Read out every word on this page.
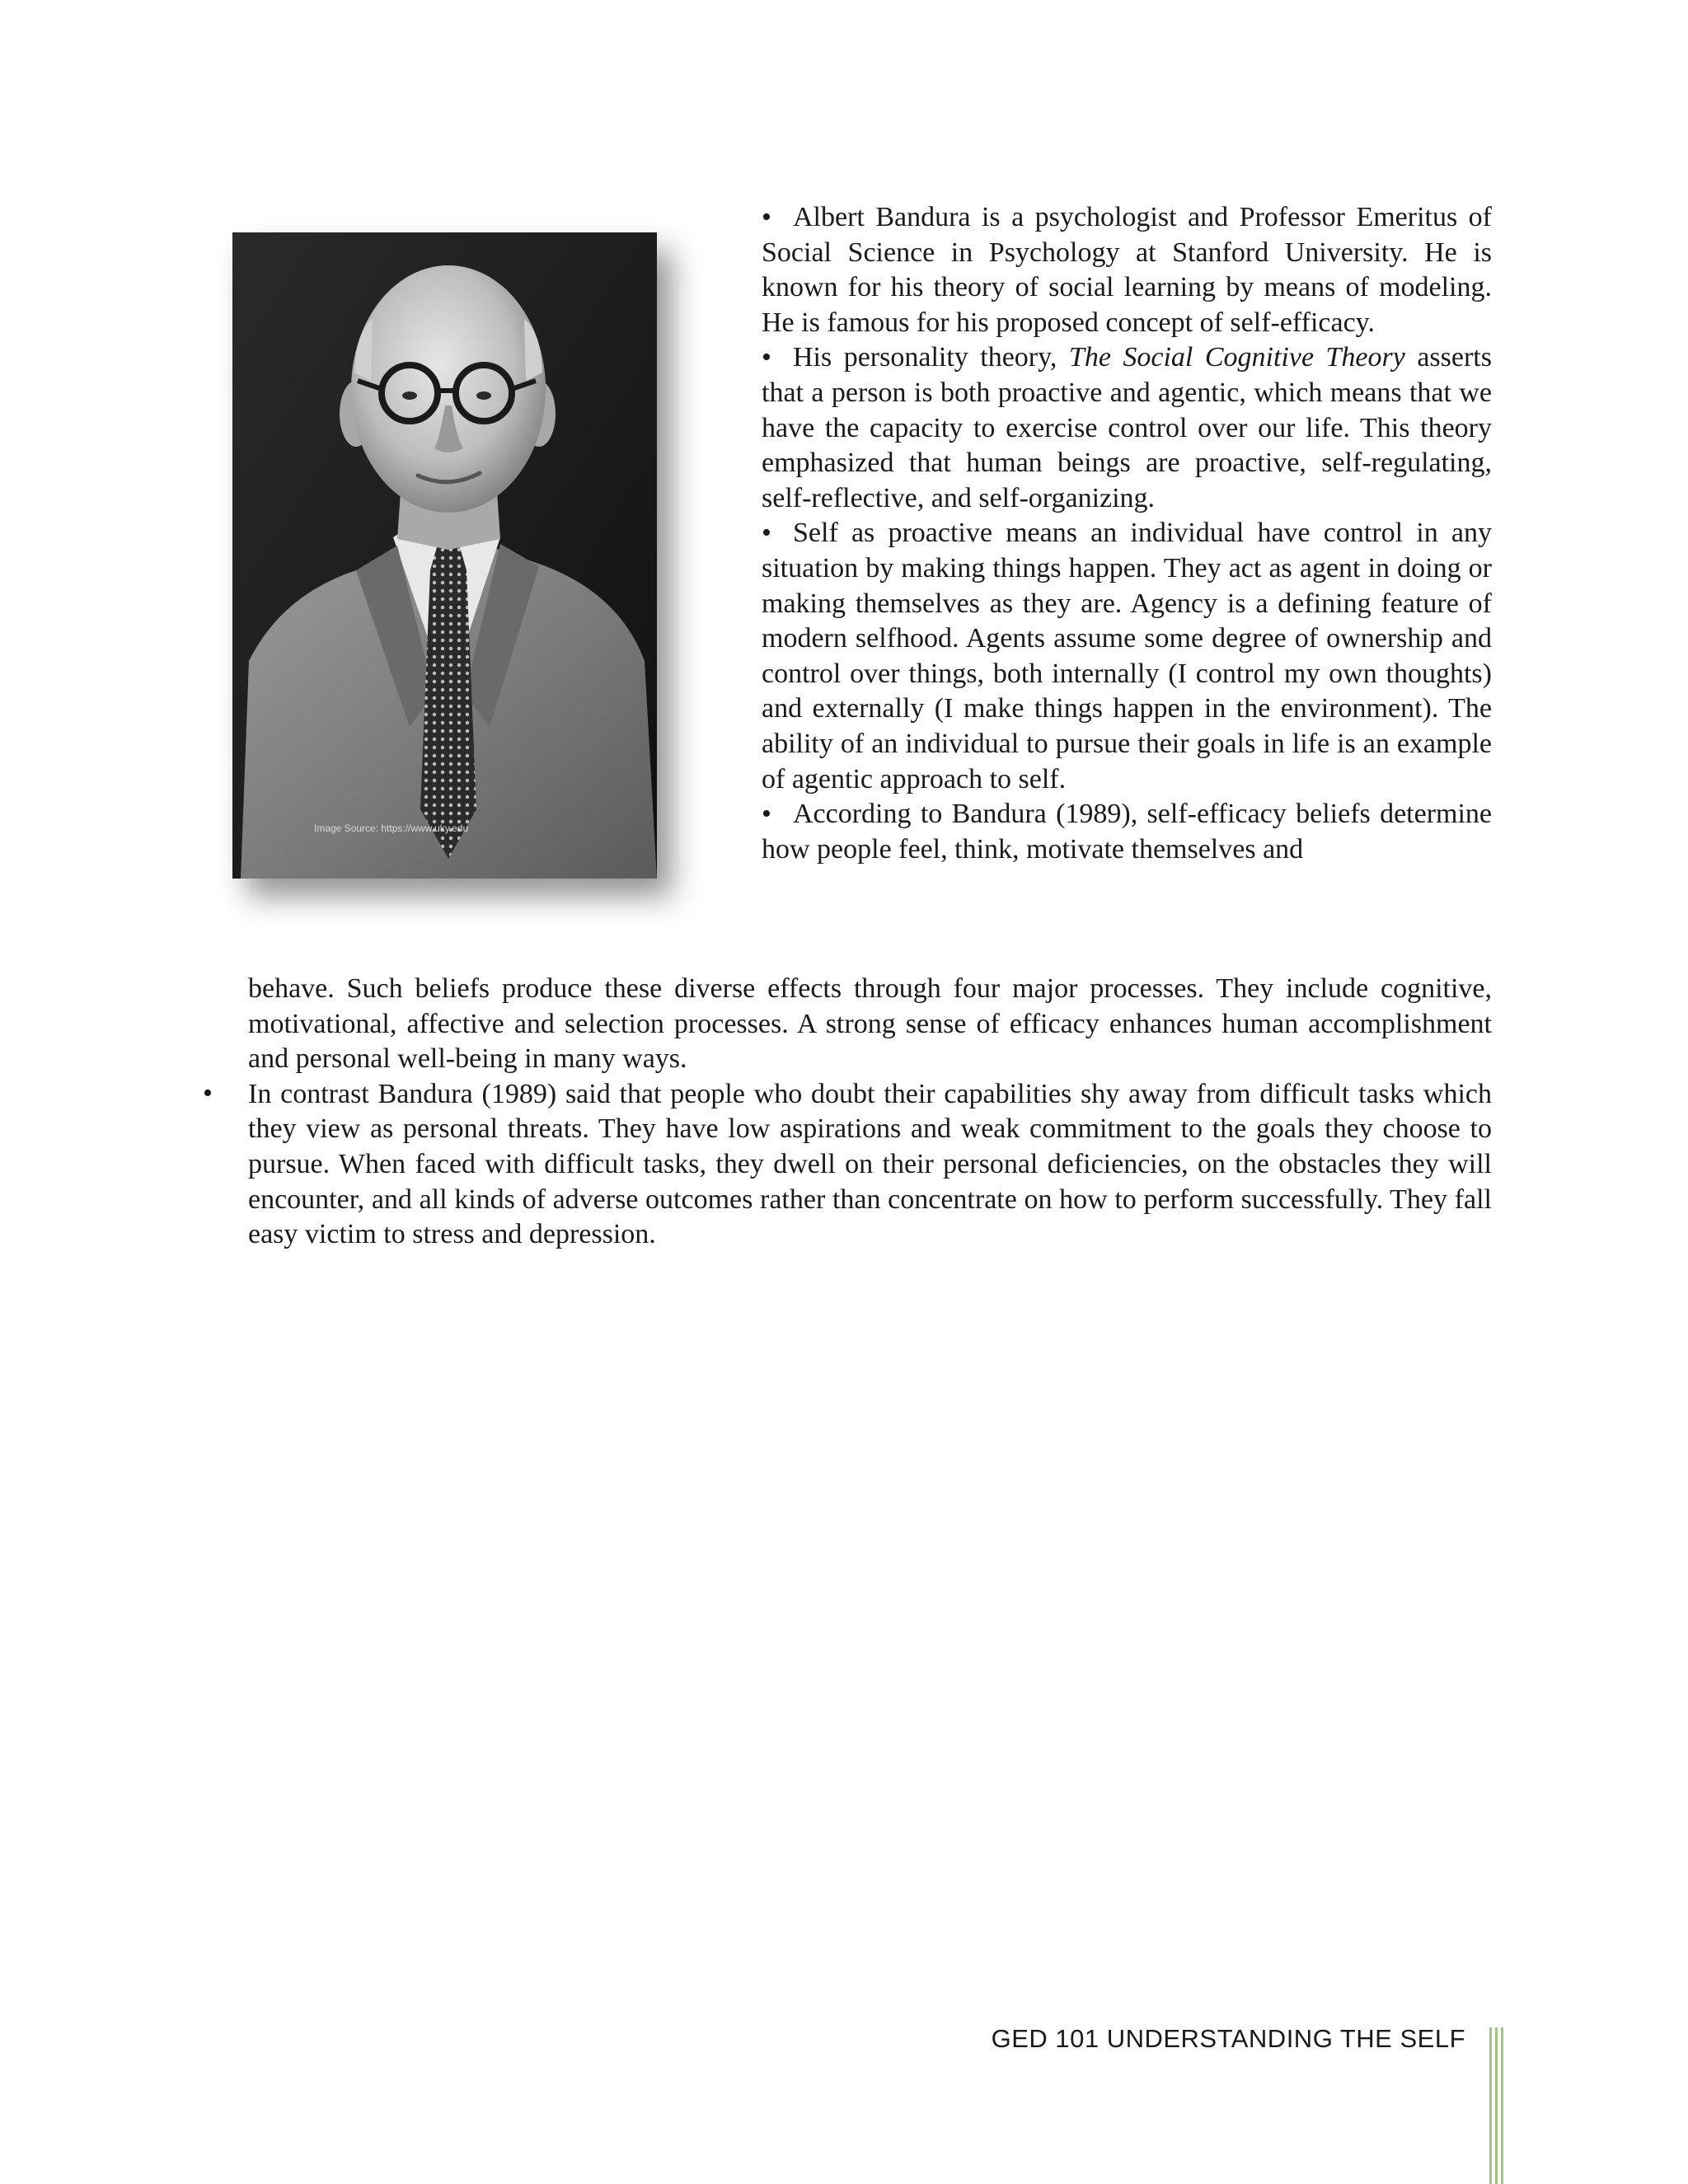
Image Source: https://www.uky.edu

• Albert Bandura is a psychologist and Professor Emeritus of Social Science in Psychology at Stanford University. He is known for his theory of social learning by means of modeling. He is famous for his proposed concept of self-efficacy.

• His personality theory, The Social Cognitive Theory asserts that a person is both proactive and agentic, which means that we have the capacity to exercise control over our life. This theory emphasized that human beings are proactive, self-regulating, self-reflective, and self-organizing.

• Self as proactive means an individual have control in any situation by making things happen. They act as agent in doing or making themselves as they are. Agency is a defining feature of modern selfhood. Agents assume some degree of ownership and control over things, both internally (I control my own thoughts) and externally (I make things happen in the environment). The ability of an individual to pursue their goals in life is an example of agentic approach to self.

• According to Bandura (1989), self-efficacy beliefs determine how people feel, think, motivate themselves and

behave. Such beliefs produce these diverse effects through four major processes. They include cognitive, motivational, affective and selection processes. A strong sense of efficacy enhances human accomplishment and personal well-being in many ways.

In contrast Bandura (1989) said that people who doubt their capabilities shy away from difficult tasks which they view as personal threats. They have low aspirations and weak commitment to the goals they choose to pursue. When faced with difficult tasks, they dwell on their personal deficiencies, on the obstacles they will encounter, and all kinds of adverse outcomes rather than concentrate on how to perform successfully. They fall easy victim to stress and depression.

•
GED 101 UNDERSTANDING THE SELF
